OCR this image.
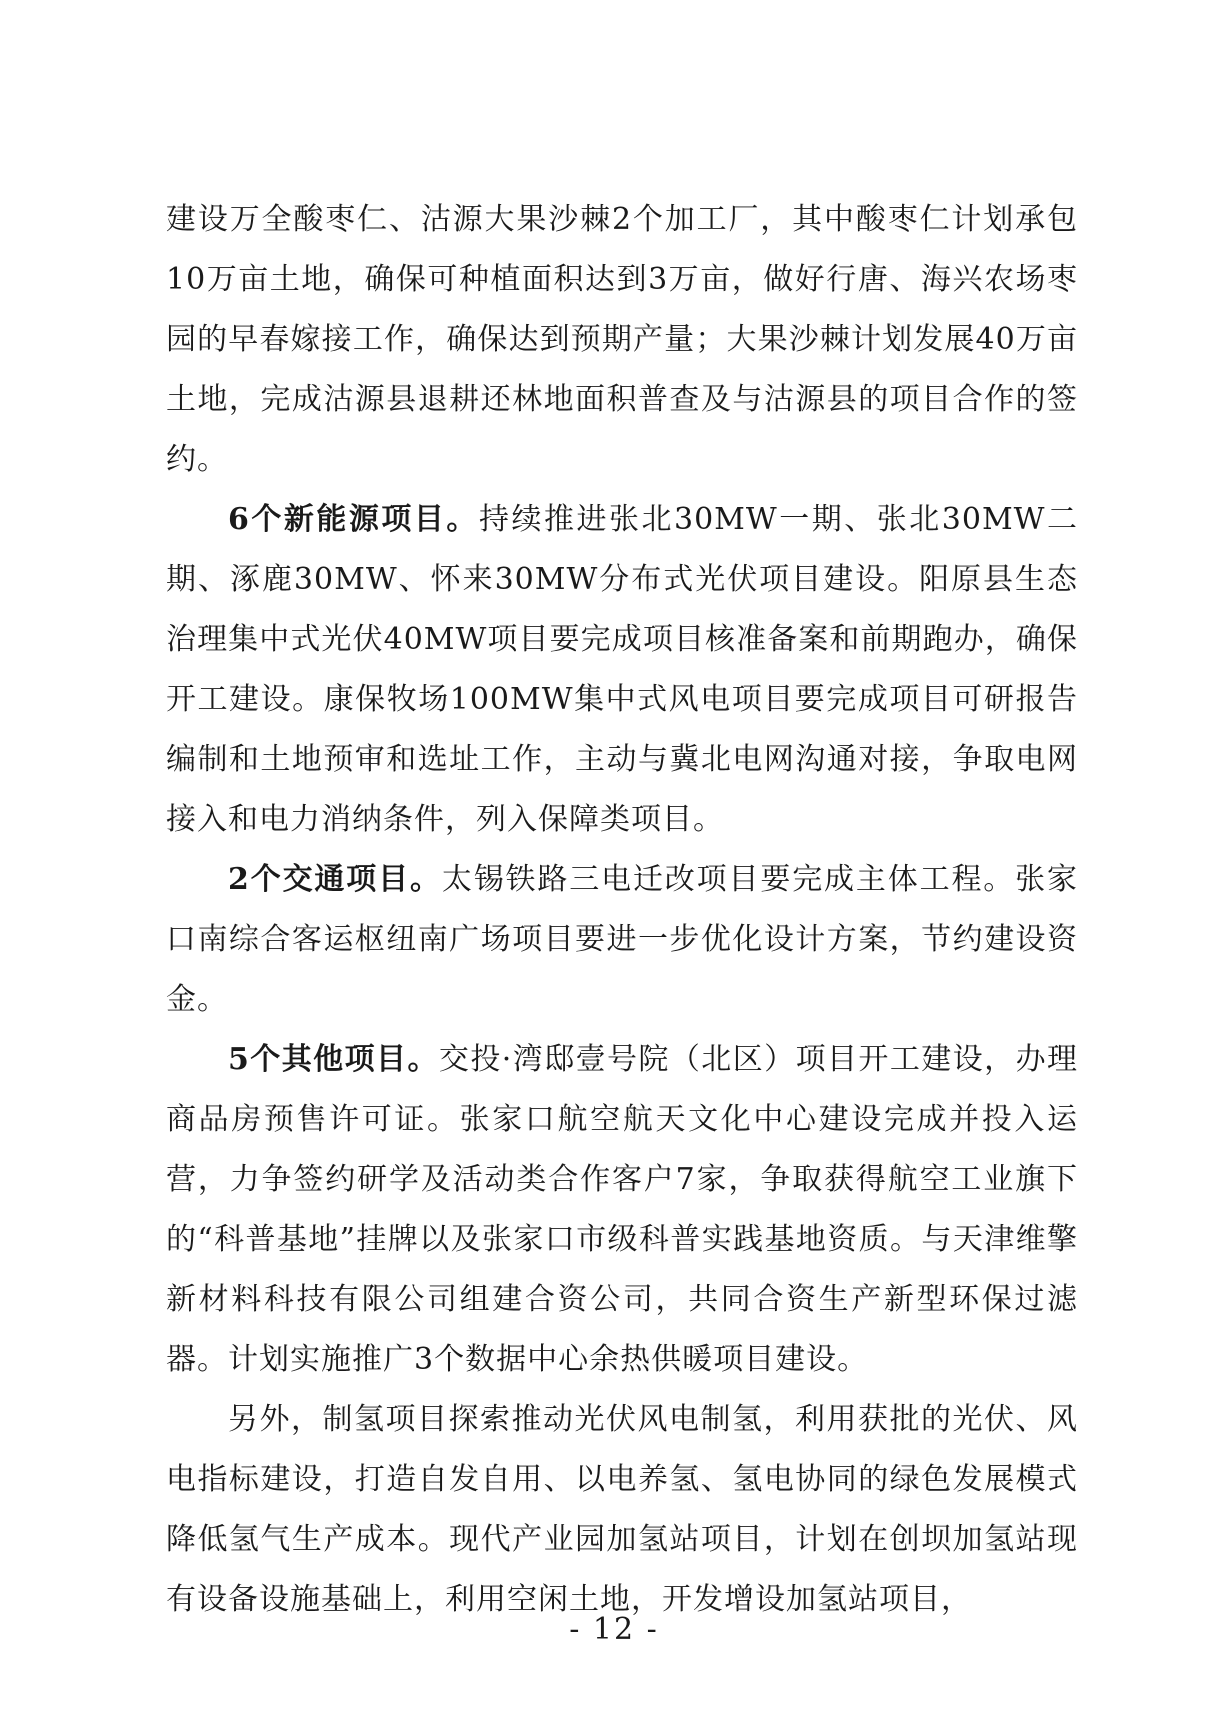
建设万全酸枣仁、沽源大果沙棘2个加工厂，其中酸枣仁计划承包10万亩土地，确保可种植面积达到3万亩，做好行唐、海兴农场枣园的早春嫁接工作，确保达到预期产量；大果沙棘计划发展40万亩土地，完成沽源县退耕还林地面积普查及与沽源县的项目合作的签约。

6个新能源项目。持续推进张北30MW一期、张北30MW二期、涿鹿30MW、怀来30MW分布式光伏项目建设。阳原县生态治理集中式光伏40MW项目要完成项目核准备案和前期跑办，确保开工建设。康保牧场100MW集中式风电项目要完成项目可研报告编制和土地预审和选址工作，主动与冀北电网沟通对接，争取电网接入和电力消纳条件，列入保障类项目。

2个交通项目。太锡铁路三电迁改项目要完成主体工程。张家口南综合客运枢纽南广场项目要进一步优化设计方案，节约建设资金。

5个其他项目。交投·湾邸壹号院（北区）项目开工建设，办理商品房预售许可证。张家口航空航天文化中心建设完成并投入运营，力争签约研学及活动类合作客户7家，争取获得航空工业旗下的“科普基地”挂牌以及张家口市级科普实践基地资质。与天津维擎新材料科技有限公司组建合资公司，共同合资生产新型环保过滤器。计划实施推广3个数据中心余热供暖项目建设。

另外，制氢项目探索推动光伏风电制氢，利用获批的光伏、风电指标建设，打造自发自用、以电养氢、氢电协同的绿色发展模式降低氢气生产成本。现代产业园加氢站项目，计划在创坝加氢站现有设备设施基础上，利用空闲土地，开发增设加氢站项目，

- 12 -
